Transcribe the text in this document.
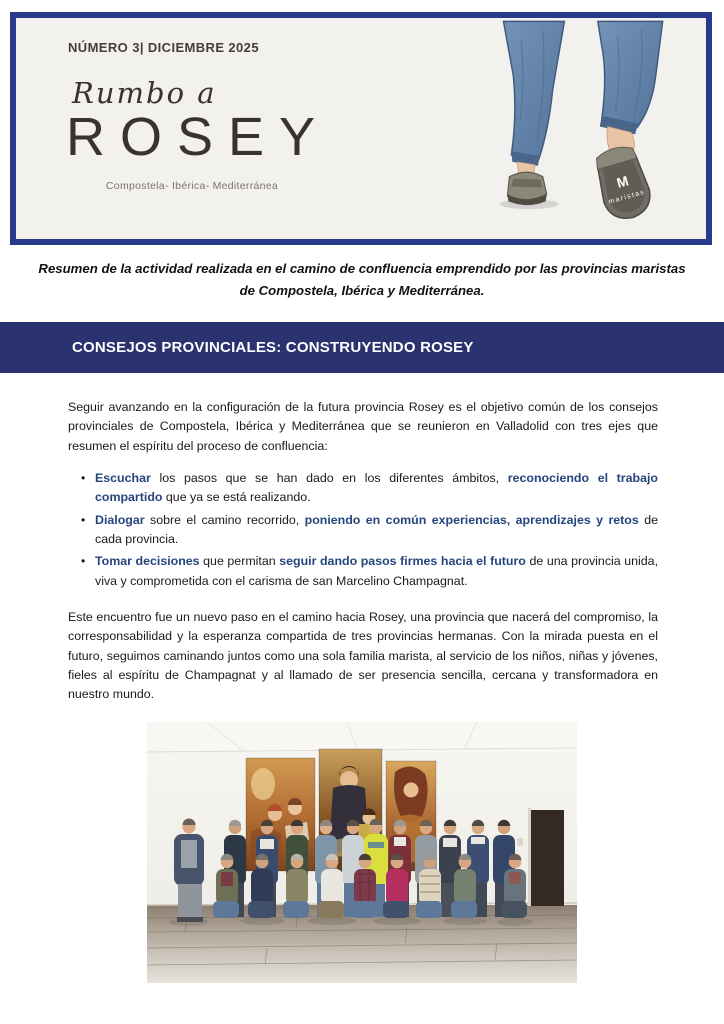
NÚMERO 3| DICIEMBRE 2025
Rumbo a
ROSEY
Compostela- Ibérica- Mediterránea	M
maristas

Resumen de la actividad realizada en el camino de confluencia emprendido por las provincias maristas de Compostela, Ibérica y Mediterránea.

CONSEJOS PROVINCIALES: CONSTRUYENDO ROSEY

Seguir avanzando en la configuración de la futura provincia Rosey es el objetivo común de los consejos provinciales de Compostela, Ibérica y Mediterránea que se reunieron en Valladolid con tres ejes que resumen el espíritu del proceso de confluencia:

• Escuchar los pasos que se han dado en los diferentes ámbitos, reconociendo el trabajo compartido que ya se está realizando.
• Dialogar sobre el camino recorrido, poniendo en común experiencias, aprendizajes y retos de cada provincia.
• Tomar decisiones que permitan seguir dando pasos firmes hacia el futuro de una provincia unida, viva y comprometida con el carisma de san Marcelino Champagnat.

Este encuentro fue un nuevo paso en el camino hacia Rosey, una provincia que nacerá del compromiso, la corresponsabilidad y la esperanza compartida de tres provincias hermanas. Con la mirada puesta en el futuro, seguimos caminando juntos como una sola familia marista, al servicio de los niños, niñas y jóvenes, fieles al espíritu de Champagnat y al llamado de ser presencia sencilla, cercana y transformadora en nuestro mundo.
